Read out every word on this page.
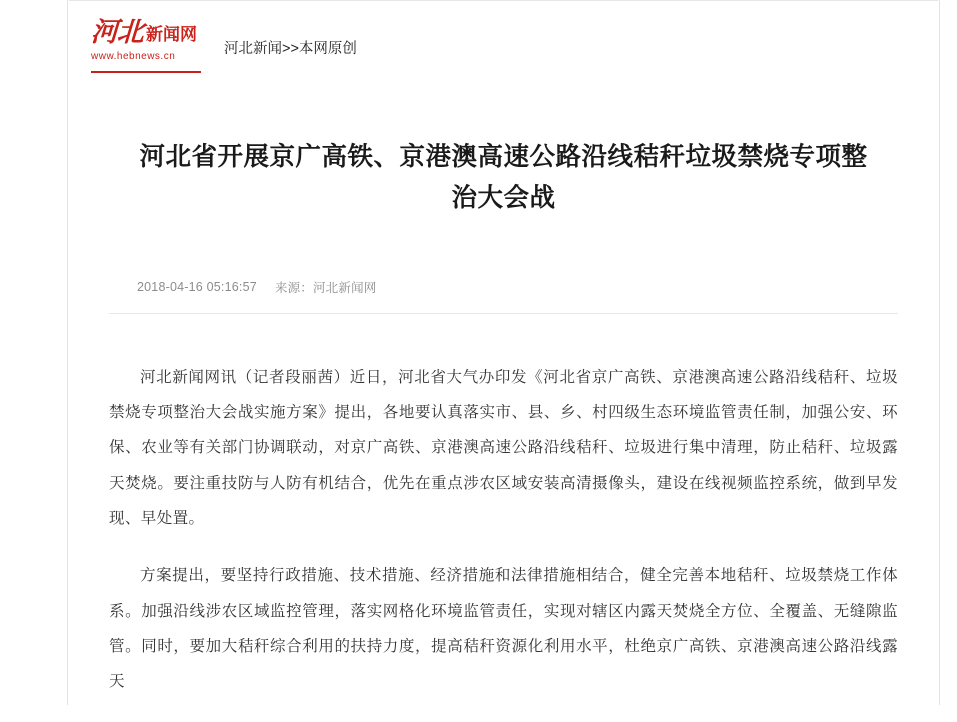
河北 新闻网
www.hebnews.cn	河北新闻>>本网原创
河北省开展京广高铁、京港澳高速公路沿线秸秆垃圾禁烧专项整治大会战
2018-04-16 05:16:57 来源：河北新闻网

河北新闻网讯（记者段丽茜）近日，河北省大气办印发《河北省京广高铁、京港澳高速公路沿线秸秆、垃圾禁烧专项整治大会战实施方案》提出，各地要认真落实市、县、乡、村四级生态环境监管责任制，加强公安、环保、农业等有关部门协调联动，对京广高铁、京港澳高速公路沿线秸秆、垃圾进行集中清理，防止秸秆、垃圾露天焚烧。要注重技防与人防有机结合，优先在重点涉农区域安装高清摄像头，建设在线视频监控系统，做到早发现、早处置。

方案提出，要坚持行政措施、技术措施、经济措施和法律措施相结合，健全完善本地秸秆、垃圾禁烧工作体系。加强沿线涉农区域监控管理，落实网格化环境监管责任，实现对辖区内露天焚烧全方位、全覆盖、无缝隙监管。同时，要加大秸秆综合利用的扶持力度，提高秸秆资源化利用水平，杜绝京广高铁、京港澳高速公路沿线露天
